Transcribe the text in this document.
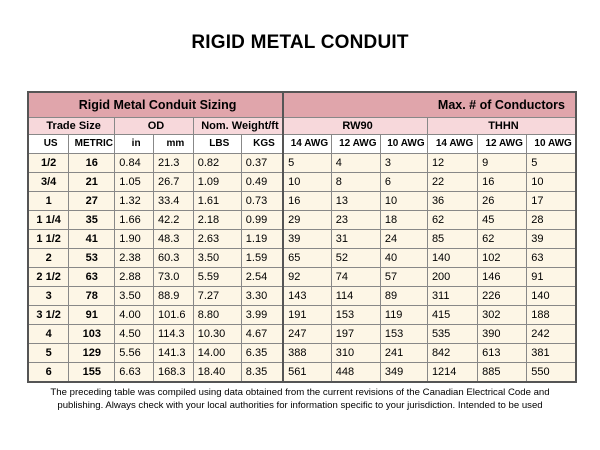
RIGID METAL CONDUIT
Rigid Metal Conduit Sizing						Max. # of Conductors					
Trade Size		OD		Nom. Weight/ft		RW90			THHN		
US	METRIC	in	mm	LBS	KGS	14 AWG	12 AWG	10 AWG	14 AWG	12 AWG	10 AWG
1/2	16	0.84	21.3	0.82	0.37	5	4	3	12	9	5
3/4	21	1.05	26.7	1.09	0.49	10	8	6	22	16	10
1	27	1.32	33.4	1.61	0.73	16	13	10	36	26	17
1 1/4	35	1.66	42.2	2.18	0.99	29	23	18	62	45	28
1 1/2	41	1.90	48.3	2.63	1.19	39	31	24	85	62	39
2	53	2.38	60.3	3.50	1.59	65	52	40	140	102	63
2 1/2	63	2.88	73.0	5.59	2.54	92	74	57	200	146	91
3	78	3.50	88.9	7.27	3.30	143	114	89	311	226	140
3 1/2	91	4.00	101.6	8.80	3.99	191	153	119	415	302	188
4	103	4.50	114.3	10.30	4.67	247	197	153	535	390	242
5	129	5.56	141.3	14.00	6.35	388	310	241	842	613	381
6	155	6.63	168.3	18.40	8.35	561	448	349	1214	885	550
The preceding table was compiled using data obtained from the current revisions of the Canadian Electrical Code and
publishing. Always check with your local authorities for information specific to your jurisdiction. Intended to be used
